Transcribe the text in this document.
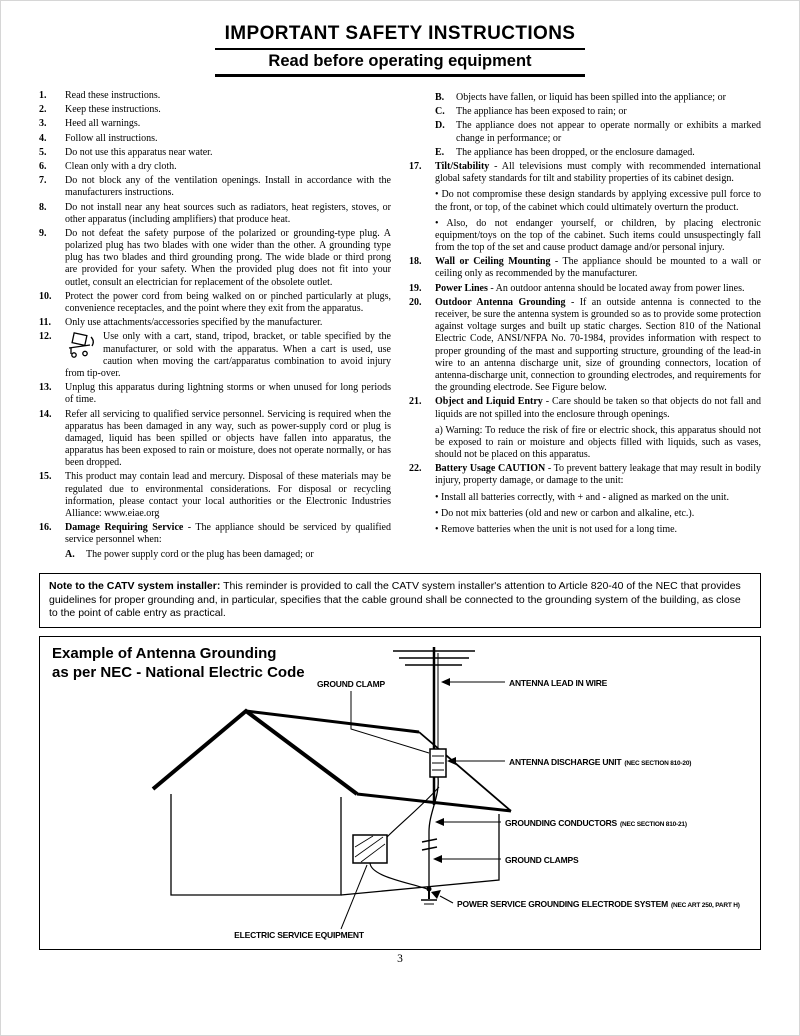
IMPORTANT SAFETY INSTRUCTIONS
Read before operating equipment
1.	Read these instructions.
2.	Keep these instructions.
3.	Heed all warnings.
4.	Follow all instructions.
5.	Do not use this apparatus near water.
6.	Clean only with a dry cloth.
7.	Do not block any of the ventilation openings. Install in accordance with the manufacturers instructions.
8.	Do not install near any heat sources such as radiators, heat registers, stoves, or other apparatus (including amplifiers) that produce heat.
9.	Do not defeat the safety purpose of the polarized or grounding-type plug. A polarized plug has two blades with one wider than the other. A grounding type plug has two blades and third grounding prong. The wide blade or third prong are provided for your safety. When the provided plug does not fit into your outlet, consult an electrician for replacement of the obsolete outlet.
10.	Protect the power cord from being walked on or pinched particularly at plugs, convenience receptacles, and the point where they exit from the apparatus.
11.	Only use attachments/accessories specified by the manufacturer.
12.	Use only with a cart, stand, tripod, bracket, or table specified by the manufacturer, or sold with the apparatus. When a cart is used, use caution when moving the cart/apparatus combination to avoid injury from tip-over.
13.	Unplug this apparatus during lightning storms or when unused for long periods of time.
14.	Refer all servicing to qualified service personnel. Servicing is required when the apparatus has been damaged in any way, such as power-supply cord or plug is damaged, liquid has been spilled or objects have fallen into apparatus, the apparatus has been exposed to rain or moisture, does not operate normally, or has been dropped.
15.	This product may contain lead and mercury. Disposal of these materials may be regulated due to environmental considerations. For disposal or recycling information, please contact your local authorities or the Electronic Industries Alliance: www.eiae.org
16.	Damage Requiring Service - The appliance should be serviced by qualified service personnel when:
A.	The power supply cord or the plug has been damaged; or
B.	Objects have fallen, or liquid has been spilled into the appliance; or
C.	The appliance has been exposed to rain; or
D.	The appliance does not appear to operate normally or exhibits a marked change in performance; or
E.	The appliance has been dropped, or the enclosure damaged.
17.	Tilt/Stability - All televisions must comply with recommended international global safety standards for tilt and stability properties of its cabinet design.
• Do not compromise these design standards by applying excessive pull force to the front, or top, of the cabinet which could ultimately overturn the product.
• Also, do not endanger yourself, or children, by placing electronic equipment/toys on the top of the cabinet. Such items could unsuspectingly fall from the top of the set and cause product damage and/or personal injury.
18.	Wall or Ceiling Mounting - The appliance should be mounted to a wall or ceiling only as recommended by the manufacturer.
19.	Power Lines - An outdoor antenna should be located away from power lines.
20.	Outdoor Antenna Grounding - If an outside antenna is connected to the receiver, be sure the antenna system is grounded so as to provide some protection against voltage surges and built up static charges. Section 810 of the National Electric Code, ANSI/NFPA No. 70-1984, provides information with respect to proper grounding of the mast and supporting structure, grounding of the lead-in wire to an antenna discharge unit, size of grounding connectors, location of antenna-discharge unit, connection to grounding electrodes, and requirements for the grounding electrode. See Figure below.
21.	Object and Liquid Entry - Care should be taken so that objects do not fall and liquids are not spilled into the enclosure through openings.
a) Warning: To reduce the risk of fire or electric shock, this apparatus should not be exposed to rain or moisture and objects filled with liquids, such as vases, should not be placed on this apparatus.
22.	Battery Usage CAUTION - To prevent battery leakage that may result in bodily injury, property damage, or damage to the unit:
• Install all batteries correctly, with + and - aligned as marked on the unit.
• Do not mix batteries (old and new or carbon and alkaline, etc.).
• Remove batteries when the unit is not used for a long time.
Note to the CATV system installer: This reminder is provided to call the CATV system installer's attention to Article 820-40 of the NEC that provides guidelines for proper grounding and, in particular, specifies that the cable ground shall be connected to the grounding system of the building, as close to the point of cable entry as practical.
Example of Antenna Grounding
as per NEC - National Electric Code
GROUND CLAMP	ANTENNA LEAD IN WIRE
ANTENNA DISCHARGE UNIT (NEC SECTION 810-20)
GROUNDING CONDUCTORS (NEC SECTION 810-21)
GROUND CLAMPS
POWER SERVICE GROUNDING ELECTRODE SYSTEM (NEC ART 250, PART H)
ELECTRIC SERVICE EQUIPMENT
3
